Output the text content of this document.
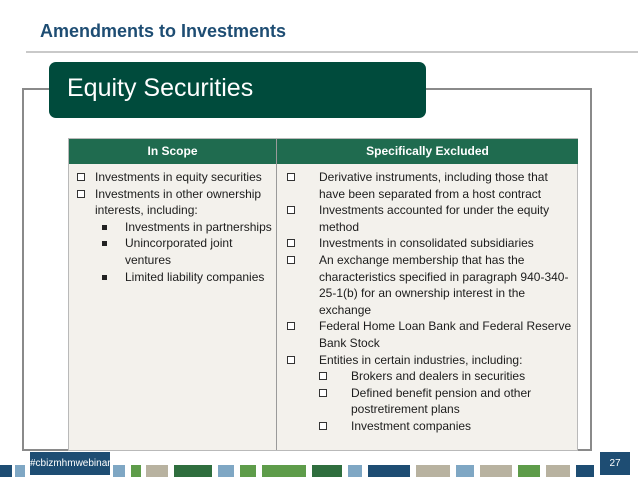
Amendments to Investments
Equity Securities
In Scope	Specifically Excluded
Investments in equity securities
Investments in other ownership interests, including:
Investments in partnerships
Unincorporated joint ventures
Limited liability companies
Derivative instruments, including those that have been separated from a host contract
Investments accounted for under the equity method
Investments in consolidated subsidiaries
An exchange membership that has the characteristics specified in paragraph 940-340-25-1(b) for an ownership interest in the exchange
Federal Home Loan Bank and Federal Reserve Bank Stock
Entities in certain industries, including:
Brokers and dealers in securities
Defined benefit pension and other postretirement plans
Investment companies
#cbizmhmwebinar	27
